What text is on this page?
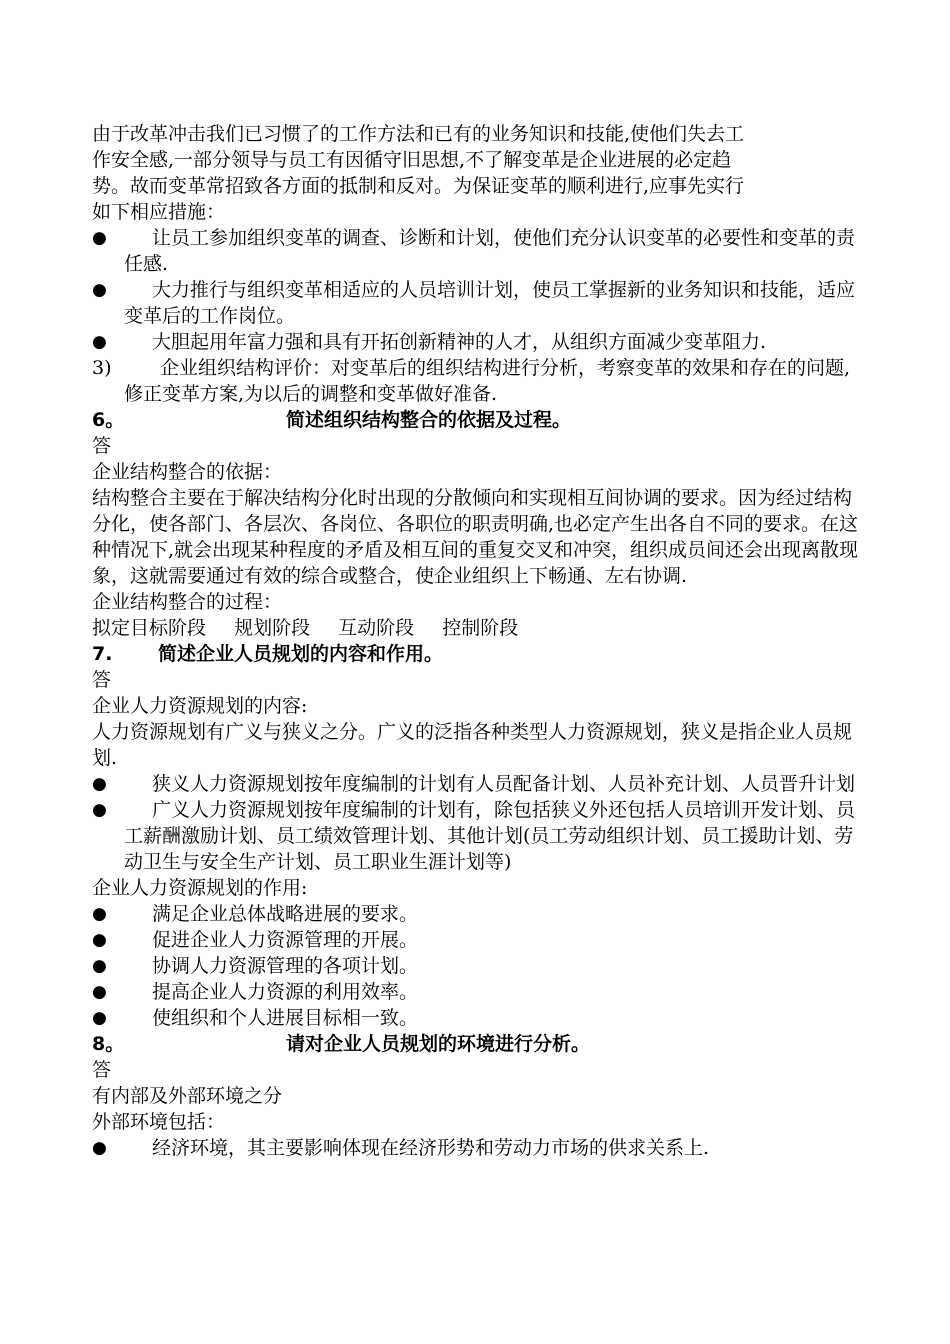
由于改革冲击我们已习惯了的工作方法和已有的业务知识和技能,使他们失去工
作安全感,一部分领导与员工有因循守旧思想,不了解变革是企业进展的必定趋
势。故而变革常招致各方面的抵制和反对。为保证变革的顺利进行,应事先实行
如下相应措施：
● 让员工参加组织变革的调查、诊断和计划，使他们充分认识变革的必要性和变革的责任感.
● 大力推行与组织变革相适应的人员培训计划，使员工掌握新的业务知识和技能，适应变革后的工作岗位。
● 大胆起用年富力强和具有开拓创新精神的人才，从组织方面减少变革阻力.
3)	企业组织结构评价：对变革后的组织结构进行分析，考察变革的效果和存在的问题,修正变革方案,为以后的调整和变革做好准备.
6。	简述组织结构整合的依据及过程。
答
企业结构整合的依据：
结构整合主要在于解决结构分化时出现的分散倾向和实现相互间协调的要求。因为经过结构分化，使各部门、各层次、各岗位、各职位的职责明确,也必定产生出各自不同的要求。在这种情况下,就会出现某种程度的矛盾及相互间的重复交叉和冲突，组织成员间还会出现离散现象，这就需要通过有效的综合或整合，使企业组织上下畅通、左右协调.
企业结构整合的过程：
拟定目标阶段 规划阶段 互动阶段 控制阶段
7. 简述企业人员规划的内容和作用。
答
企业人力资源规划的内容:
人力资源规划有广义与狭义之分。广义的泛指各种类型人力资源规划，狭义是指企业人员规划.
● 狭义人力资源规划按年度编制的计划有人员配备计划、人员补充计划、人员晋升计划
● 广义人力资源规划按年度编制的计划有，除包括狭义外还包括人员培训开发计划、员工薪酬激励计划、员工绩效管理计划、其他计划(员工劳动组织计划、员工援助计划、劳动卫生与安全生产计划、员工职业生涯计划等)
企业人力资源规划的作用:
● 满足企业总体战略进展的要求。
● 促进企业人力资源管理的开展。
● 协调人力资源管理的各项计划。
● 提高企业人力资源的利用效率。
● 使组织和个人进展目标相一致。
8。	请对企业人员规划的环境进行分析。
答
有内部及外部环境之分
外部环境包括：
● 经济环境，其主要影响体现在经济形势和劳动力市场的供求关系上.
